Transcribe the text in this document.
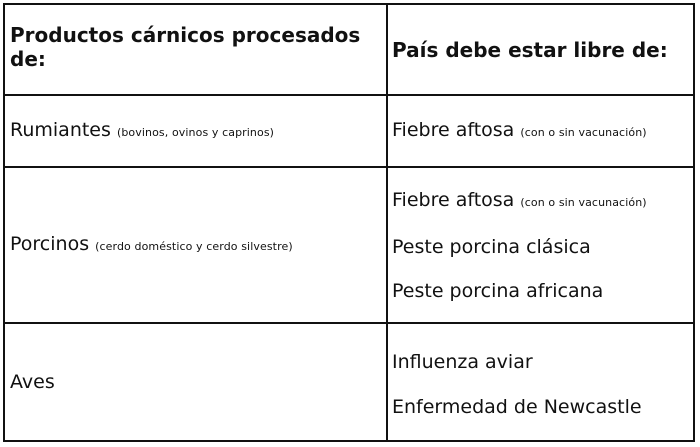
Productos cárnicos procesados de:	País debe estar libre de:
Rumiantes (bovinos, ovinos y caprinos)	Fiebre aftosa (con o sin vacunación)
Porcinos (cerdo doméstico y cerdo silvestre)
Fiebre aftosa (con o sin vacunación)
Peste porcina clásica
Peste porcina africana
Aves
Influenza aviar
Enfermedad de Newcastle
